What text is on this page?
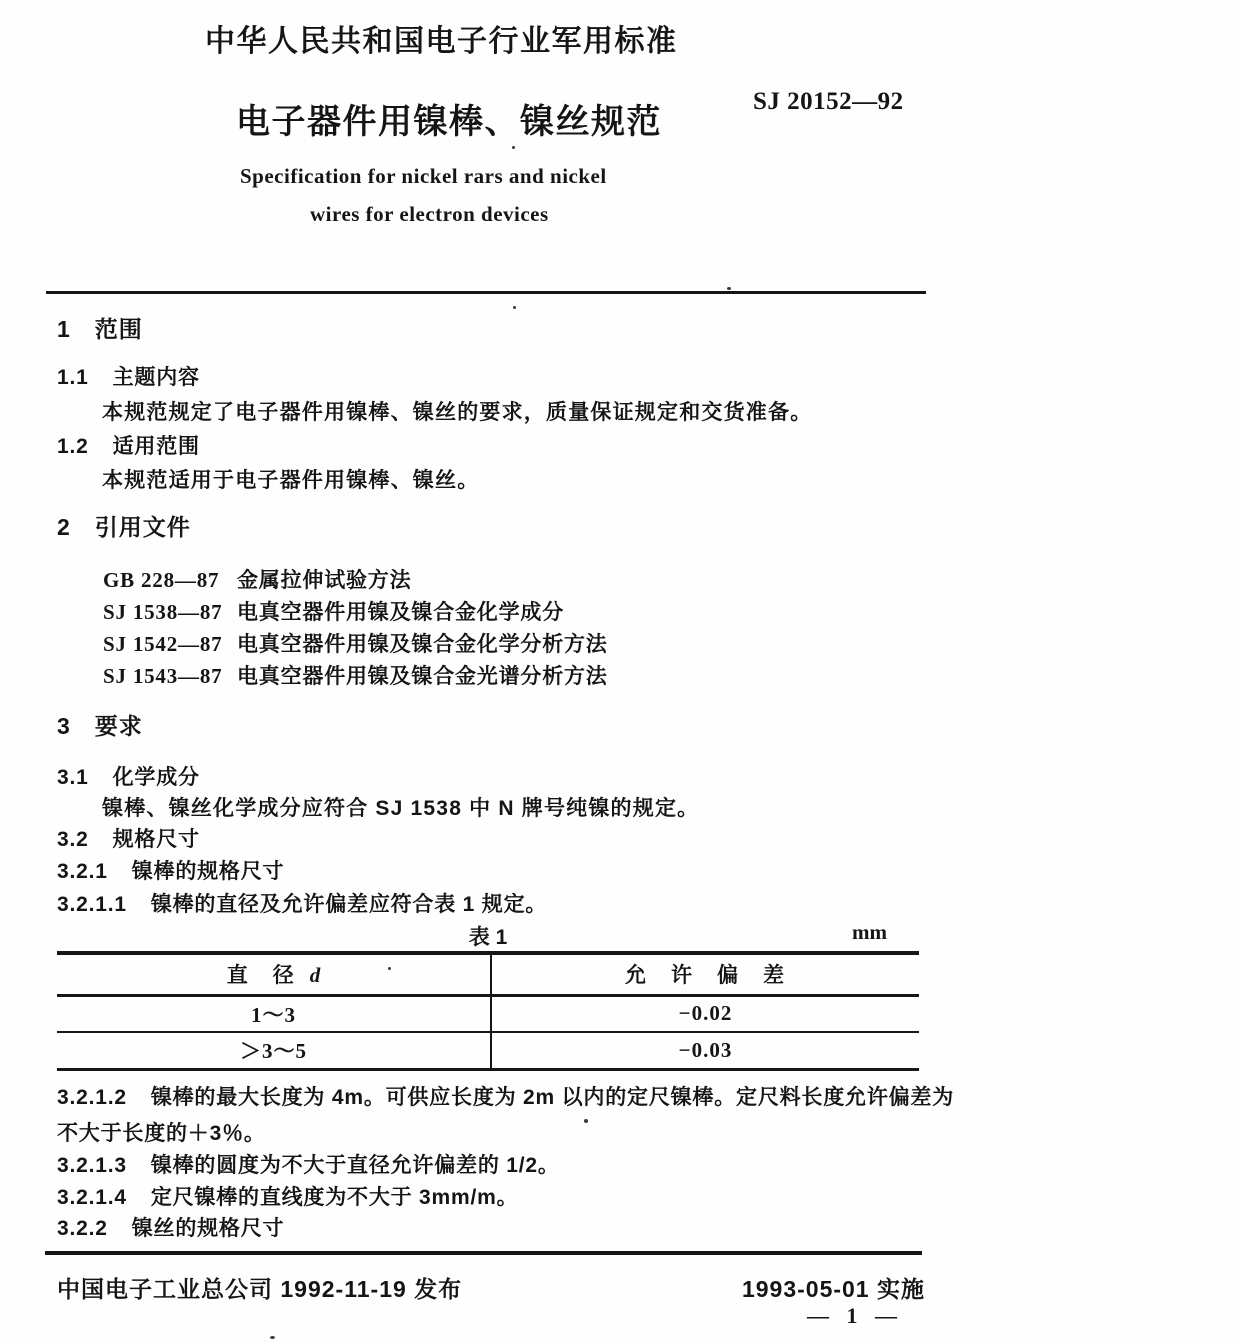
中华人民共和国电子行业军用标准
电子器件用镍棒、镍丝规范
SJ 20152—92
Specification for nickel rars and nickel
wires for electron devices
1 范围
1.1 主题内容
本规范规定了电子器件用镍棒、镍丝的要求，质量保证规定和交货准备。
1.2 适用范围
本规范适用于电子器件用镍棒、镍丝。
2 引用文件
GB 228—87 金属拉伸试验方法
SJ 1538—87 电真空器件用镍及镍合金化学成分
SJ 1542—87 电真空器件用镍及镍合金化学分析方法
SJ 1543—87 电真空器件用镍及镍合金光谱分析方法
3 要求
3.1 化学成分
镍棒、镍丝化学成分应符合 SJ 1538 中 N 牌号纯镍的规定。
3.2 规格尺寸
3.2.1 镍棒的规格尺寸
3.2.1.1 镍棒的直径及允许偏差应符合表 1 规定。
表 1	mm
直　径 d	允　许　偏　差
1～3	−0.02
＞3～5	−0.03
3.2.1.2 镍棒的最大长度为 4m。可供应长度为 2m 以内的定尺镍棒。定尺料长度允许偏差为
不大于长度的＋3％。
3.2.1.3 镍棒的圆度为不大于直径允许偏差的 1/2。
3.2.1.4 定尺镍棒的直线度为不大于 3mm/m。
3.2.2 镍丝的规格尺寸
中国电子工业总公司 1992-11-19 发布	1993-05-01 实施
— 1 —
